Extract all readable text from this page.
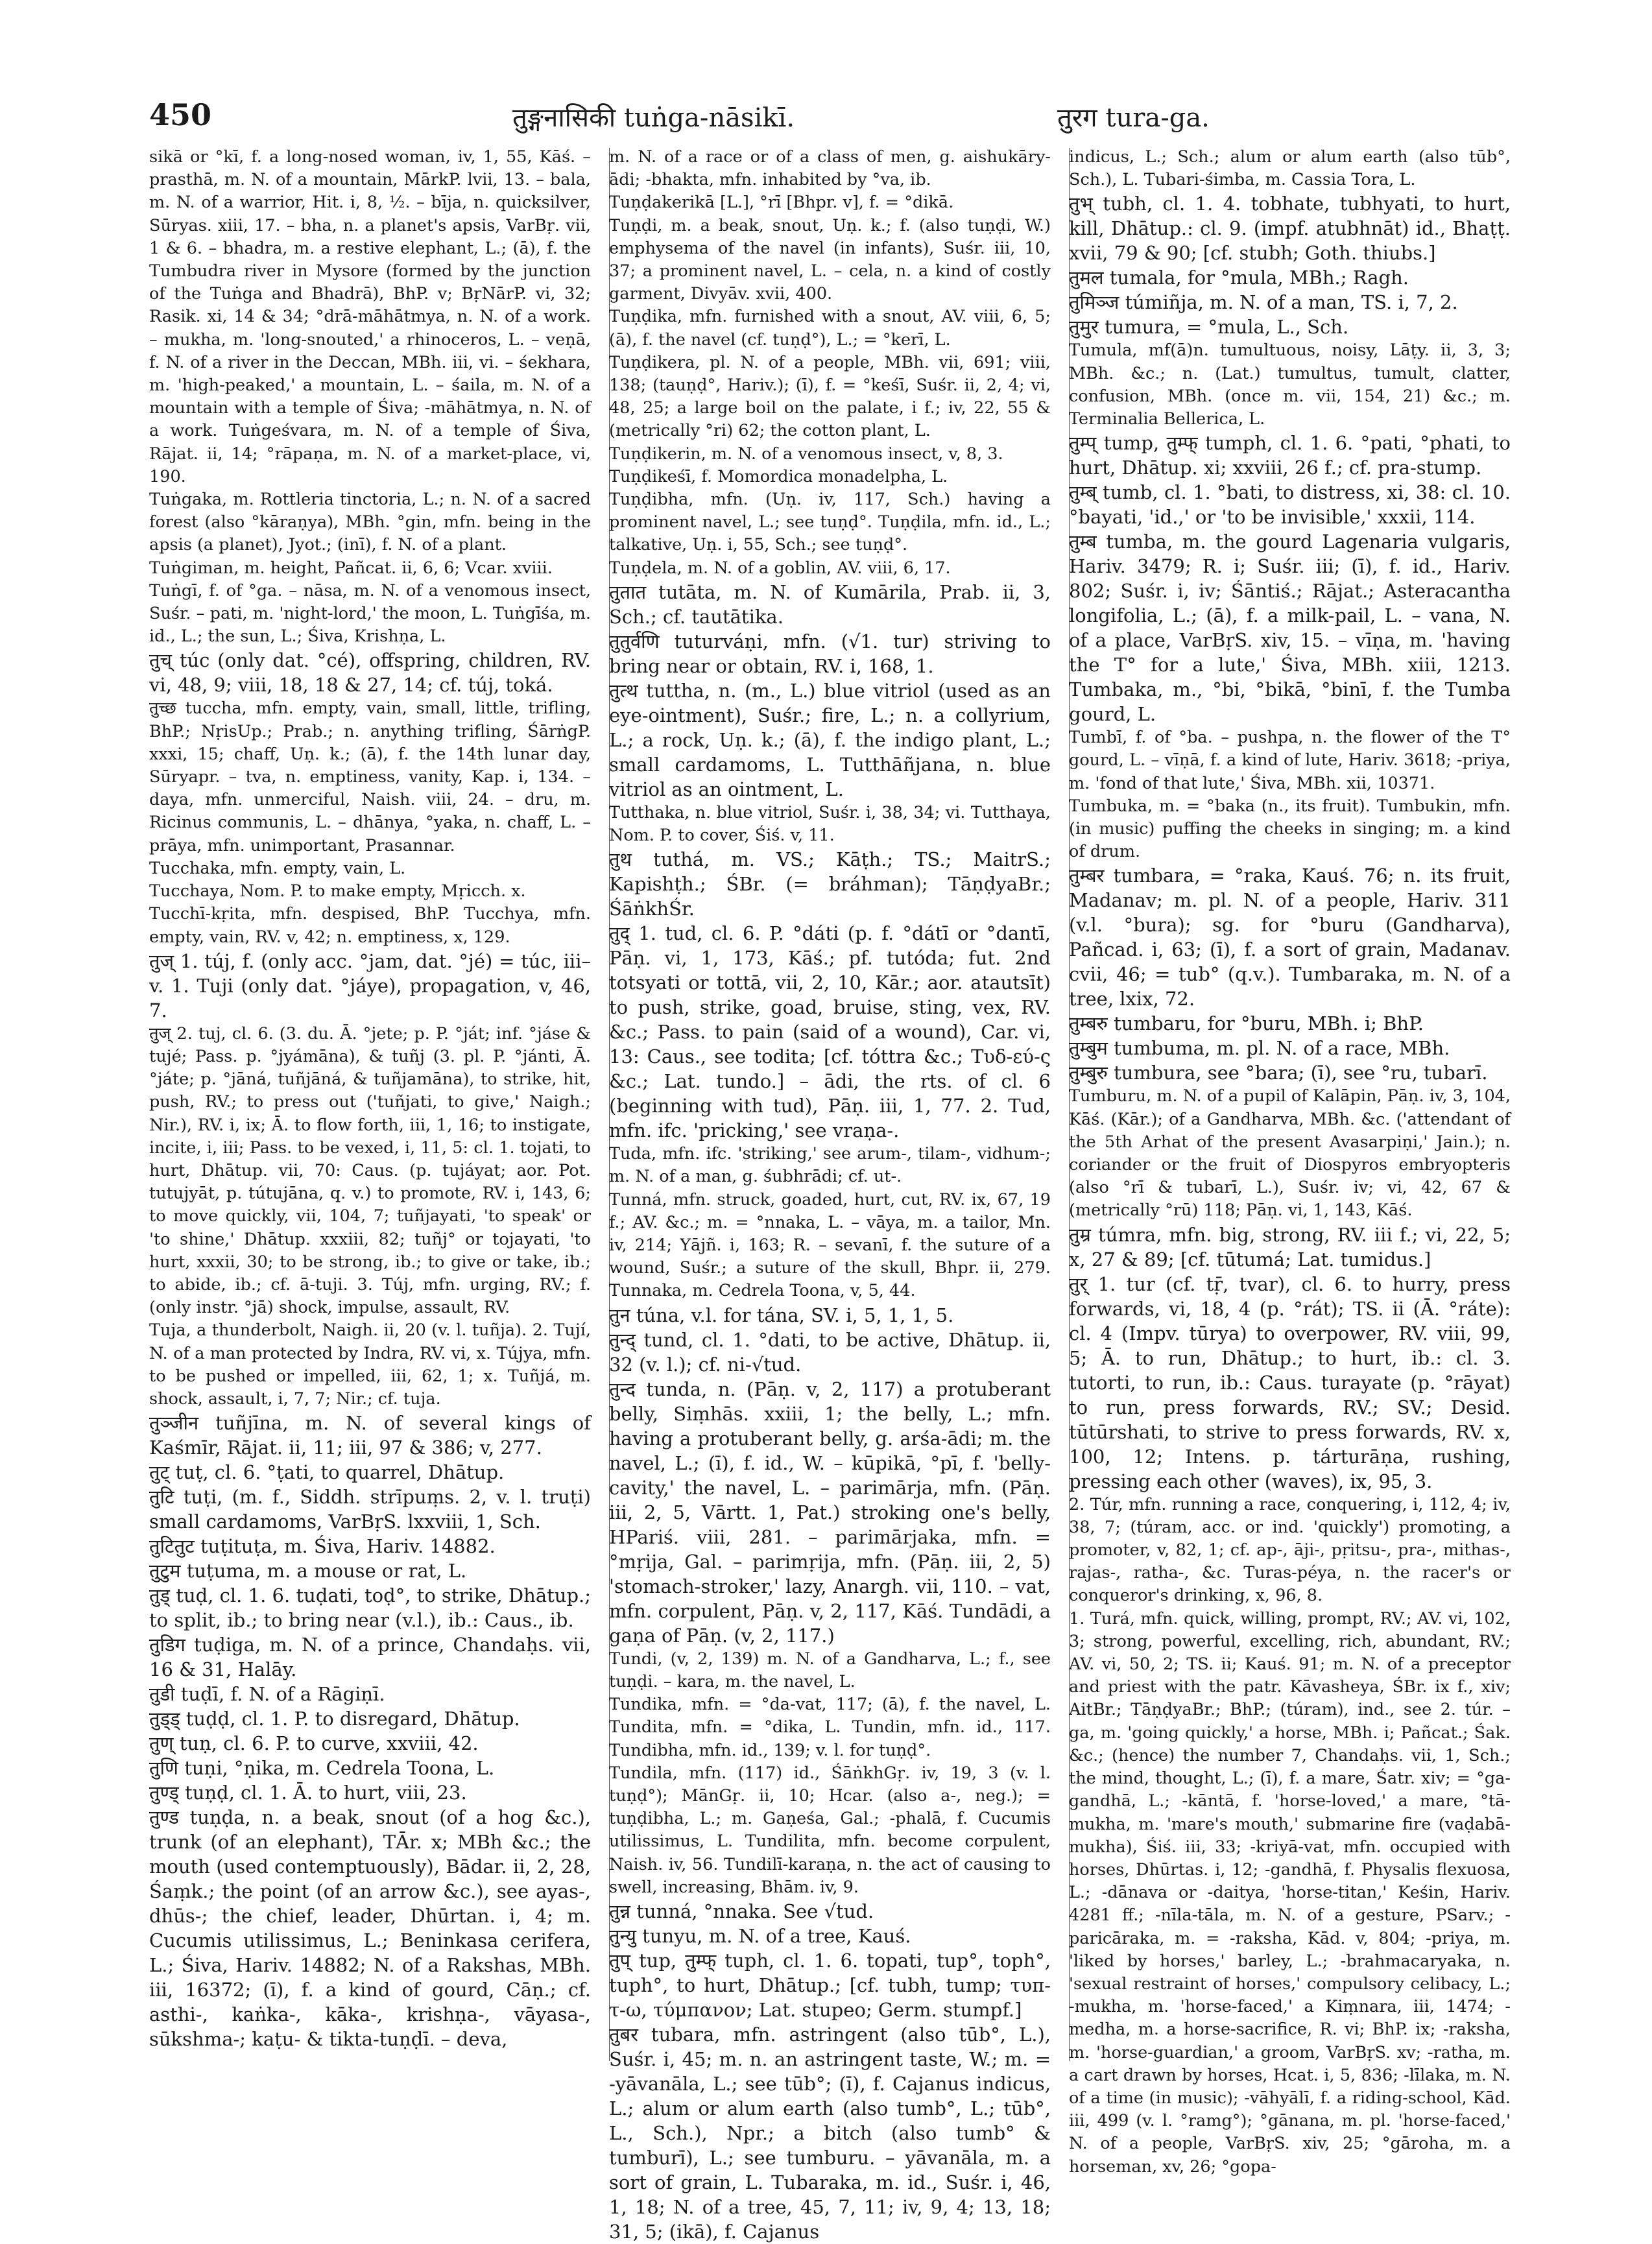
450	तुङ्गनासिकी tuṅga-nāsikī.	तुरग tura-ga.

sikā or °kī, f. a long-nosed woman, iv, 1, 55, Kāś. – prasthā, m. N. of a mountain, MārkP. lvii, 13. – bala, m. N. of a warrior, Hit. i, 8, ½. – bīja, n. quicksilver, Sūryas. xiii, 17. – bha, n. a planet's apsis, VarBṛ. vii, 1 & 6. – bhadra, m. a restive elephant, L.; (ā), f. the Tumbudra river in Mysore (formed by the junction of the Tuṅga and Bhadrā), BhP. v; BṛNārP. vi, 32; Rasik. xi, 14 & 34; °drā-māhātmya, n. N. of a work. – mukha, m. 'long-snouted,' a rhinoceros, L. – veṇā, f. N. of a river in the Deccan, MBh. iii, vi. – śekhara, m. 'high-peaked,' a mountain, L. – śaila, m. N. of a mountain with a temple of Śiva; -māhātmya, n. N. of a work. Tuṅgeśvara, m. N. of a temple of Śiva, Rājat. ii, 14; °rāpaṇa, m. N. of a market-place, vi, 190.

Tuṅgaka, m. Rottleria tinctoria, L.; n. N. of a sacred forest (also °kāraṇya), MBh. °gin, mfn. being in the apsis (a planet), Jyot.; (inī), f. N. of a plant.

Tuṅgiman, m. height, Pañcat. ii, 6, 6; Vcar. xviii.

Tuṅgī, f. of °ga. – nāsa, m. N. of a venomous insect, Suśr. – pati, m. 'night-lord,' the moon, L. Tuṅgīśa, m. id., L.; the sun, L.; Śiva, Krishṇa, L.

तुच् túc (only dat. °cé), offspring, children, RV. vi, 48, 9; viii, 18, 18 & 27, 14; cf. túj, toká.

तुच्छ tuccha, mfn. empty, vain, small, little, trifling, BhP.; NṛisUp.; Prab.; n. anything trifling, ŚārṅgP. xxxi, 15; chaff, Uṇ. k.; (ā), f. the 14th lunar day, Sūryapr. – tva, n. emptiness, vanity, Kap. i, 134. – daya, mfn. unmerciful, Naish. viii, 24. – dru, m. Ricinus communis, L. – dhānya, °yaka, n. chaff, L. – prāya, mfn. unimportant, Prasannar.

Tucchaka, mfn. empty, vain, L.

Tucchaya, Nom. P. to make empty, Mṛicch. x.

Tucchī-kṛita, mfn. despised, BhP. Tucchya, mfn. empty, vain, RV. v, 42; n. emptiness, x, 129.

तुज् 1. túj, f. (only acc. °jam, dat. °jé) = túc, iii–v. 1. Tuji (only dat. °jáye), propagation, v, 46, 7.

तुज् 2. tuj, cl. 6. (3. du. Ā. °jete; p. P. °ját; inf. °jáse & tujé; Pass. p. °jyámāna), & tuñj (3. pl. P. °jánti, Ā. °játe; p. °jāná, tuñjāná, & tuñjamāna), to strike, hit, push, RV.; to press out ('tuñjati, to give,' Naigh.; Nir.), RV. i, ix; Ā. to flow forth, iii, 1, 16; to instigate, incite, i, iii; Pass. to be vexed, i, 11, 5: cl. 1. tojati, to hurt, Dhātup. vii, 70: Caus. (p. tujáyat; aor. Pot. tutujyāt, p. tútujāna, q. v.) to promote, RV. i, 143, 6; to move quickly, vii, 104, 7; tuñjayati, 'to speak' or 'to shine,' Dhātup. xxxiii, 82; tuñj° or tojayati, 'to hurt, xxxii, 30; to be strong, ib.; to give or take, ib.; to abide, ib.; cf. ā-tuji. 3. Túj, mfn. urging, RV.; f. (only instr. °jā) shock, impulse, assault, RV.

Tuja, a thunderbolt, Naigh. ii, 20 (v. l. tuñja). 2. Tují, N. of a man protected by Indra, RV. vi, x. Tújya, mfn. to be pushed or impelled, iii, 62, 1; x. Tuñjá, m. shock, assault, i, 7, 7; Nir.; cf. tuja.

तुञ्जीन tuñjīna, m. N. of several kings of Kaśmīr, Rājat. ii, 11; iii, 97 & 386; v, 277.

तुट् tuṭ, cl. 6. °ṭati, to quarrel, Dhātup.

तुटि tuṭi, (m. f., Siddh. strīpuṃs. 2, v. l. truṭi) small cardamoms, VarBṛS. lxxviii, 1, Sch.

तुटितुट tuṭituṭa, m. Śiva, Hariv. 14882.

तुटुम tuṭuma, m. a mouse or rat, L.

तुड् tuḍ, cl. 1. 6. tuḍati, toḍ°, to strike, Dhātup.; to split, ib.; to bring near (v.l.), ib.: Caus., ib.

तुडिग tuḍiga, m. N. of a prince, Chandaḥs. vii, 16 & 31, Halāy.

तुडी tuḍī, f. N. of a Rāgiṇī.

तुड्ड् tuḍḍ, cl. 1. P. to disregard, Dhātup.

तुण् tuṇ, cl. 6. P. to curve, xxviii, 42.

तुणि tuṇi, °ṇika, m. Cedrela Toona, L.

तुण्ड् tuṇḍ, cl. 1. Ā. to hurt, viii, 23.

तुण्ड tuṇḍa, n. a beak, snout (of a hog &c.), trunk (of an elephant), TĀr. x; MBh &c.; the mouth (used contemptuously), Bādar. ii, 2, 28, Śaṃk.; the point (of an arrow &c.), see ayas-, dhūs-; the chief, leader, Dhūrtan. i, 4; m. Cucumis utilissimus, L.; Beninkasa cerifera, L.; Śiva, Hariv. 14882; N. of a Rakshas, MBh. iii, 16372; (ī), f. a kind of gourd, Cāṇ.; cf. asthi-, kaṅka-, kāka-, krishṇa-, vāyasa-, sūkshma-; kaṭu- & tikta-tuṇḍī. – deva,

m. N. of a race or of a class of men, g. aishukāry-ādi; -bhakta, mfn. inhabited by °va, ib.

Tuṇḍakerikā [L.], °rī [Bhpr. v], f. = °dikā.

Tuṇḍi, m. a beak, snout, Uṇ. k.; f. (also tuṇḍi, W.) emphysema of the navel (in infants), Suśr. iii, 10, 37; a prominent navel, L. – cela, n. a kind of costly garment, Divyāv. xvii, 400.

Tuṇḍika, mfn. furnished with a snout, AV. viii, 6, 5; (ā), f. the navel (cf. tuṇḍ°), L.; = °kerī, L.

Tuṇḍikera, pl. N. of a people, MBh. vii, 691; viii, 138; (tauṇḍ°, Hariv.); (ī), f. = °keśī, Suśr. ii, 2, 4; vi, 48, 25; a large boil on the palate, i f.; iv, 22, 55 & (metrically °ri) 62; the cotton plant, L.

Tuṇḍikerin, m. N. of a venomous insect, v, 8, 3.

Tuṇḍikeśī, f. Momordica monadelpha, L.

Tuṇḍibha, mfn. (Uṇ. iv, 117, Sch.) having a prominent navel, L.; see tuṇḍ°. Tuṇḍila, mfn. id., L.; talkative, Uṇ. i, 55, Sch.; see tuṇḍ°.

Tuṇḍela, m. N. of a goblin, AV. viii, 6, 17.

तुतात tutāta, m. N. of Kumārila, Prab. ii, 3, Sch.; cf. tautātika.

तुतुर्वणि tuturváṇi, mfn. (√1. tur) striving to bring near or obtain, RV. i, 168, 1.

तुत्थ tuttha, n. (m., L.) blue vitriol (used as an eye-ointment), Suśr.; fire, L.; n. a collyrium, L.; a rock, Uṇ. k.; (ā), f. the indigo plant, L.; small cardamoms, L. Tutthāñjana, n. blue vitriol as an ointment, L.

Tutthaka, n. blue vitriol, Suśr. i, 38, 34; vi. Tutthaya, Nom. P. to cover, Śiś. v, 11.

तुथ tuthá, m. VS.; Kāṭh.; TS.; MaitrS.; Kapishṭh.; ŚBr. (= bráhman); TāṇḍyaBr.; ŚāṅkhŚr.

तुद् 1. tud, cl. 6. P. °dáti (p. f. °dátī or °dantī, Pāṇ. vi, 1, 173, Kāś.; pf. tutóda; fut. 2nd totsyati or tottā, vii, 2, 10, Kār.; aor. atautsīt) to push, strike, goad, bruise, sting, vex, RV. &c.; Pass. to pain (said of a wound), Car. vi, 13: Caus., see todita; [cf. tóttra &c.; Τυδ-εύ-ς &c.; Lat. tundo.] – ādi, the rts. of cl. 6 (beginning with tud), Pāṇ. iii, 1, 77. 2. Tud, mfn. ifc. 'pricking,' see vraṇa-.

Tuda, mfn. ifc. 'striking,' see arum-, tilam-, vidhum-; m. N. of a man, g. śubhrādi; cf. ut-.

Tunná, mfn. struck, goaded, hurt, cut, RV. ix, 67, 19 f.; AV. &c.; m. = °nnaka, L. – vāya, m. a tailor, Mn. iv, 214; Yājñ. i, 163; R. – sevanī, f. the suture of a wound, Suśr.; a suture of the skull, Bhpr. ii, 279. Tunnaka, m. Cedrela Toona, v, 5, 44.

तुन túna, v.l. for tána, SV. i, 5, 1, 1, 5.

तुन्द् tund, cl. 1. °dati, to be active, Dhātup. ii, 32 (v. l.); cf. ni-√tud.

तुन्द tunda, n. (Pāṇ. v, 2, 117) a protuberant belly, Siṃhās. xxiii, 1; the belly, L.; mfn. having a protuberant belly, g. arśa-ādi; m. the navel, L.; (ī), f. id., W. – kūpikā, °pī, f. 'belly-cavity,' the navel, L. – parimārja, mfn. (Pāṇ. iii, 2, 5, Vārtt. 1, Pat.) stroking one's belly, HPariś. viii, 281. – parimārjaka, mfn. = °mṛija, Gal. – parimṛija, mfn. (Pāṇ. iii, 2, 5) 'stomach-stroker,' lazy, Anargh. vii, 110. – vat, mfn. corpulent, Pāṇ. v, 2, 117, Kāś. Tundādi, a gaṇa of Pāṇ. (v, 2, 117.)

Tundi, (v, 2, 139) m. N. of a Gandharva, L.; f., see tuṇḍi. – kara, m. the navel, L.

Tundika, mfn. = °da-vat, 117; (ā), f. the navel, L. Tundita, mfn. = °dika, L. Tundin, mfn. id., 117. Tundibha, mfn. id., 139; v. l. for tuṇḍ°.

Tundila, mfn. (117) id., ŚāṅkhGṛ. iv, 19, 3 (v. l. tuṇḍ°); MānGṛ. ii, 10; Hcar. (also a-, neg.); = tuṇḍibha, L.; m. Gaṇeśa, Gal.; -phalā, f. Cucumis utilissimus, L. Tundilita, mfn. become corpulent, Naish. iv, 56. Tundilī-karaṇa, n. the act of causing to swell, increasing, Bhām. iv, 9.

तुन्न tunná, °nnaka. See √tud.

तुन्यु tunyu, m. N. of a tree, Kauś.

तुप् tup, तुम्फ् tuph, cl. 1. 6. topati, tup°, toph°, tuph°, to hurt, Dhātup.; [cf. tubh, tump; τυπ-τ-ω, τύμπανον; Lat. stupeo; Germ. stumpf.]

तुबर tubara, mfn. astringent (also tūb°, L.), Suśr. i, 45; m. n. an astringent taste, W.; m. = -yāvanāla, L.; see tūb°; (ī), f. Cajanus indicus, L.; alum or alum earth (also tumb°, L.; tūb°, L., Sch.), Npr.; a bitch (also tumb° & tumburī), L.; see tumburu. – yāvanāla, m. a sort of grain, L. Tubaraka, m. id., Suśr. i, 46, 1, 18; N. of a tree, 45, 7, 11; iv, 9, 4; 13, 18; 31, 5; (ikā), f. Cajanus

indicus, L.; Sch.; alum or alum earth (also tūb°, Sch.), L. Tubari-śimba, m. Cassia Tora, L.

तुभ् tubh, cl. 1. 4. tobhate, tubhyati, to hurt, kill, Dhātup.: cl. 9. (impf. atubhnāt) id., Bhaṭṭ. xvii, 79 & 90; [cf. stubh; Goth. thiubs.]

तुमल tumala, for °mula, MBh.; Ragh.

तुमिञ्ज túmiñja, m. N. of a man, TS. i, 7, 2.

तुमुर tumura, = °mula, L., Sch.

Tumula, mf(ā)n. tumultuous, noisy, Lāṭy. ii, 3, 3; MBh. &c.; n. (Lat.) tumultus, tumult, clatter, confusion, MBh. (once m. vii, 154, 21) &c.; m. Terminalia Bellerica, L.

तुम्प् tump, तुम्फ् tumph, cl. 1. 6. °pati, °phati, to hurt, Dhātup. xi; xxviii, 26 f.; cf. pra-stump.

तुम्ब् tumb, cl. 1. °bati, to distress, xi, 38: cl. 10. °bayati, 'id.,' or 'to be invisible,' xxxii, 114.

तुम्ब tumba, m. the gourd Lagenaria vulgaris, Hariv. 3479; R. i; Suśr. iii; (ī), f. id., Hariv. 802; Suśr. i, iv; Śāntiś.; Rājat.; Asteracantha longifolia, L.; (ā), f. a milk-pail, L. – vana, N. of a place, VarBṛS. xiv, 15. – vīṇa, m. 'having the T° for a lute,' Śiva, MBh. xiii, 1213. Tumbaka, m., °bi, °bikā, °binī, f. the Tumba gourd, L.

Tumbī, f. of °ba. – pushpa, n. the flower of the T° gourd, L. – vīṇā, f. a kind of lute, Hariv. 3618; -priya, m. 'fond of that lute,' Śiva, MBh. xii, 10371.

Tumbuka, m. = °baka (n., its fruit). Tumbukin, mfn. (in music) puffing the cheeks in singing; m. a kind of drum.

तुम्बर tumbara, = °raka, Kauś. 76; n. its fruit, Madanav; m. pl. N. of a people, Hariv. 311 (v.l. °bura); sg. for °buru (Gandharva), Pañcad. i, 63; (ī), f. a sort of grain, Madanav. cvii, 46; = tub° (q.v.). Tumbaraka, m. N. of a tree, lxix, 72.

तुम्बरु tumbaru, for °buru, MBh. i; BhP.

तुम्बुम tumbuma, m. pl. N. of a race, MBh.

तुम्बुरु tumbura, see °bara; (ī), see °ru, tubarī.

Tumburu, m. N. of a pupil of Kalāpin, Pāṇ. iv, 3, 104, Kāś. (Kār.); of a Gandharva, MBh. &c. ('attendant of the 5th Arhat of the present Avasarpiṇi,' Jain.); n. coriander or the fruit of Diospyros embryopteris (also °rī & tubarī, L.), Suśr. iv; vi, 42, 67 & (metrically °rū) 118; Pāṇ. vi, 1, 143, Kāś.

तुम्र túmra, mfn. big, strong, RV. iii f.; vi, 22, 5; x, 27 & 89; [cf. tūtumá; Lat. tumidus.]

तुर् 1. tur (cf. tṝ, tvar), cl. 6. to hurry, press forwards, vi, 18, 4 (p. °rát); TS. ii (Ā. °ráte): cl. 4 (Impv. tūrya) to overpower, RV. viii, 99, 5; Ā. to run, Dhātup.; to hurt, ib.: cl. 3. tutorti, to run, ib.: Caus. turayate (p. °rāyat) to run, press forwards, RV.; SV.; Desid. tūtūrshati, to strive to press forwards, RV. x, 100, 12; Intens. p. tárturāṇa, rushing, pressing each other (waves), ix, 95, 3.

2. Túr, mfn. running a race, conquering, i, 112, 4; iv, 38, 7; (túram, acc. or ind. 'quickly') promoting, a promoter, v, 82, 1; cf. ap-, āji-, pṛitsu-, pra-, mithas-, rajas-, ratha-, &c. Turas-péya, n. the racer's or conqueror's drinking, x, 96, 8.

1. Turá, mfn. quick, willing, prompt, RV.; AV. vi, 102, 3; strong, powerful, excelling, rich, abundant, RV.; AV. vi, 50, 2; TS. ii; Kauś. 91; m. N. of a preceptor and priest with the patr. Kāvasheya, ŚBr. ix f., xiv; AitBr.; TāṇḍyaBr.; BhP.; (túram), ind., see 2. túr. – ga, m. 'going quickly,' a horse, MBh. i; Pañcat.; Śak. &c.; (hence) the number 7, Chandaḥs. vii, 1, Sch.; the mind, thought, L.; (ī), f. a mare, Śatr. xiv; = °ga-gandhā, L.; -kāntā, f. 'horse-loved,' a mare, °tā-mukha, m. 'mare's mouth,' submarine fire (vaḍabā-mukha), Śiś. iii, 33; -kriyā-vat, mfn. occupied with horses, Dhūrtas. i, 12; -gandhā, f. Physalis flexuosa, L.; -dānava or -daitya, 'horse-titan,' Keśin, Hariv. 4281 ff.; -nīla-tāla, m. N. of a gesture, PSarv.; -paricāraka, m. = -raksha, Kād. v, 804; -priya, m. 'liked by horses,' barley, L.; -brahmacaryaka, n. 'sexual restraint of horses,' compulsory celibacy, L.; -mukha, m. 'horse-faced,' a Kiṃnara, iii, 1474; -medha, m. a horse-sacrifice, R. vi; BhP. ix; -raksha, m. 'horse-guardian,' a groom, VarBṛS. xv; -ratha, m. a cart drawn by horses, Hcat. i, 5, 836; -līlaka, m. N. of a time (in music); -vāhyālī, f. a riding-school, Kād. iii, 499 (v. l. °ramg°); °gānana, m. pl. 'horse-faced,' N. of a people, VarBṛS. xiv, 25; °gāroha, m. a horseman, xv, 26; °gopa-
